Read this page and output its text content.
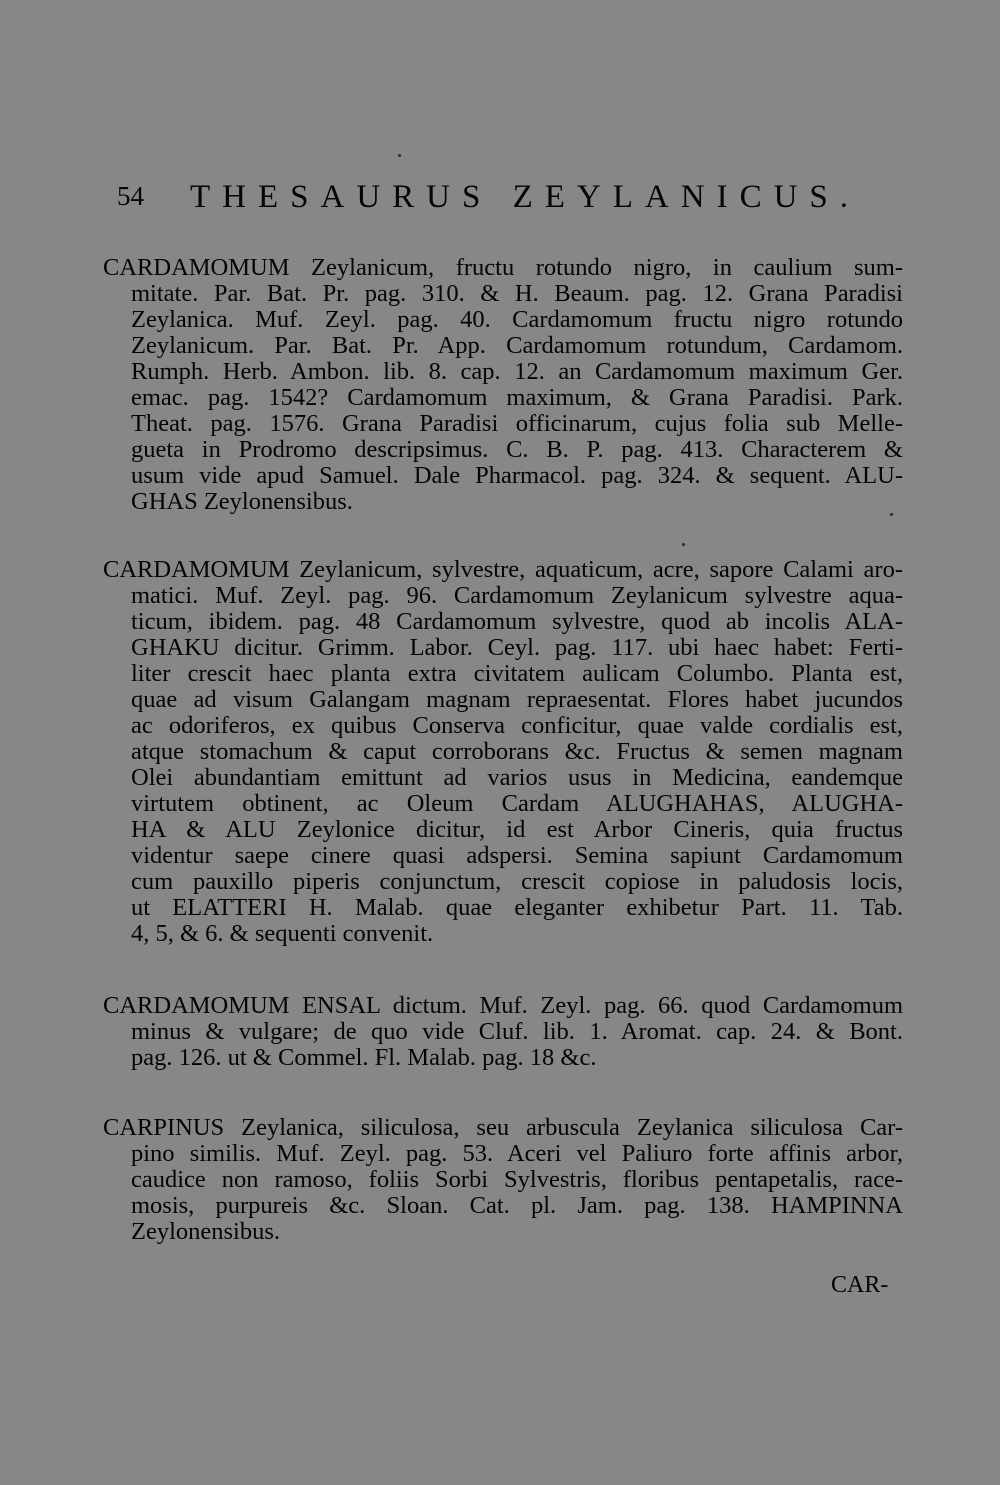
54 THESAURUS ZEYLANICUS.
CARDAMOMUM Zeylanicum, fructu rotundo nigro, in caulium sum-
mitate. Par. Bat. Pr. pag. 310. & H. Beaum. pag. 12. Grana Paradisi
Zeylanica. Muf. Zeyl. pag. 40. Cardamomum fructu nigro rotundo
Zeylanicum. Par. Bat. Pr. App. Cardamomum rotundum, Cardamom.
Rumph. Herb. Ambon. lib. 8. cap. 12. an Cardamomum maximum Ger.
emac. pag. 1542? Cardamomum maximum, & Grana Paradisi. Park.
Theat. pag. 1576. Grana Paradisi officinarum, cujus folia sub Melle-
gueta in Prodromo descripsimus. C. B. P. pag. 413. Characterem &
usum vide apud Samuel. Dale Pharmacol. pag. 324. & sequent. ALU-
GHAS Zeylonensibus.
CARDAMOMUM Zeylanicum, sylvestre, aquaticum, acre, sapore Calami aro-
matici. Muf. Zeyl. pag. 96. Cardamomum Zeylanicum sylvestre aqua-
ticum, ibidem. pag. 48 Cardamomum sylvestre, quod ab incolis ALA-
GHAKU dicitur. Grimm. Labor. Ceyl. pag. 117. ubi haec habet: Ferti-
liter crescit haec planta extra civitatem aulicam Columbo. Planta est,
quae ad visum Galangam magnam repraesentat. Flores habet jucundos
ac odoriferos, ex quibus Conserva conficitur, quae valde cordialis est,
atque stomachum & caput corroborans &c. Fructus & semen magnam
Olei abundantiam emittunt ad varios usus in Medicina, eandemque
virtutem obtinent, ac Oleum Cardam ALUGHAHAS, ALUGHA-
HA & ALU Zeylonice dicitur, id est Arbor Cineris, quia fructus
videntur saepe cinere quasi adspersi. Semina sapiunt Cardamomum
cum pauxillo piperis conjunctum, crescit copiose in paludosis locis,
ut ELATTERI H. Malab. quae eleganter exhibetur Part. 11. Tab.
4, 5, & 6. & sequenti convenit.
CARDAMOMUM ENSAL dictum. Muf. Zeyl. pag. 66. quod Cardamomum
minus & vulgare; de quo vide Cluf. lib. 1. Aromat. cap. 24. & Bont.
pag. 126. ut & Commel. Fl. Malab. pag. 18 &c.
CARPINUS Zeylanica, siliculosa, seu arbuscula Zeylanica siliculosa Car-
pino similis. Muf. Zeyl. pag. 53. Aceri vel Paliuro forte affinis arbor,
caudice non ramoso, foliis Sorbi Sylvestris, floribus pentapetalis, race-
mosis, purpureis &c. Sloan. Cat. pl. Jam. pag. 138. HAMPINNA
Zeylonensibus.
CAR-
